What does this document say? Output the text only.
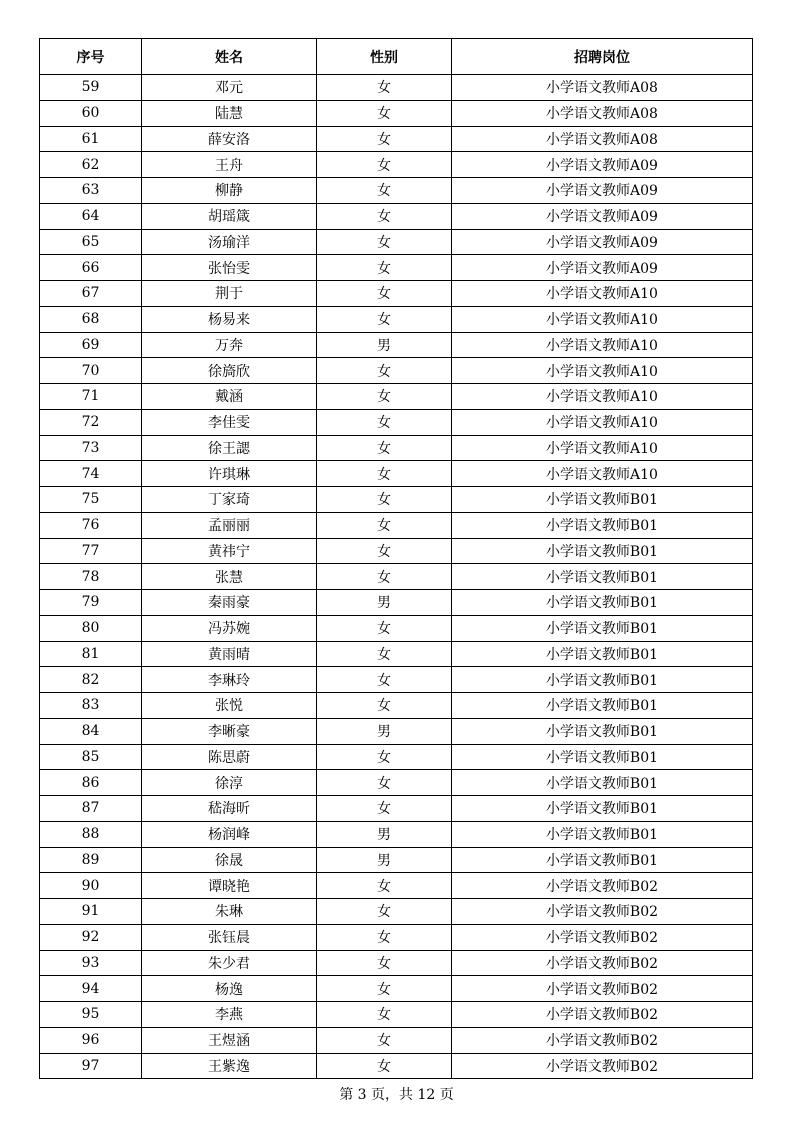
序号	姓名	性别	招聘岗位
59	邓元	女	小学语文教师A08
60	陆慧	女	小学语文教师A08
61	薛安洛	女	小学语文教师A08
62	王舟	女	小学语文教师A09
63	柳静	女	小学语文教师A09
64	胡瑶箴	女	小学语文教师A09
65	汤瑜洋	女	小学语文教师A09
66	张怡雯	女	小学语文教师A09
67	荆于	女	小学语文教师A10
68	杨易来	女	小学语文教师A10
69	万奔	男	小学语文教师A10
70	徐旖欣	女	小学语文教师A10
71	戴涵	女	小学语文教师A10
72	李佳雯	女	小学语文教师A10
73	徐王諰	女	小学语文教师A10
74	许琪琳	女	小学语文教师A10
75	丁家琦	女	小学语文教师B01
76	孟丽丽	女	小学语文教师B01
77	黄祎宁	女	小学语文教师B01
78	张慧	女	小学语文教师B01
79	秦雨豪	男	小学语文教师B01
80	冯苏婉	女	小学语文教师B01
81	黄雨晴	女	小学语文教师B01
82	李琳玲	女	小学语文教师B01
83	张悦	女	小学语文教师B01
84	李晰豪	男	小学语文教师B01
85	陈思蔚	女	小学语文教师B01
86	徐淳	女	小学语文教师B01
87	嵇海昕	女	小学语文教师B01
88	杨润峰	男	小学语文教师B01
89	徐晟	男	小学语文教师B01
90	谭晓艳	女	小学语文教师B02
91	朱琳	女	小学语文教师B02
92	张钰晨	女	小学语文教师B02
93	朱少君	女	小学语文教师B02
94	杨逸	女	小学语文教师B02
95	李燕	女	小学语文教师B02
96	王煜涵	女	小学语文教师B02
97	王紫逸	女	小学语文教师B02
第 3 页，共 12 页
